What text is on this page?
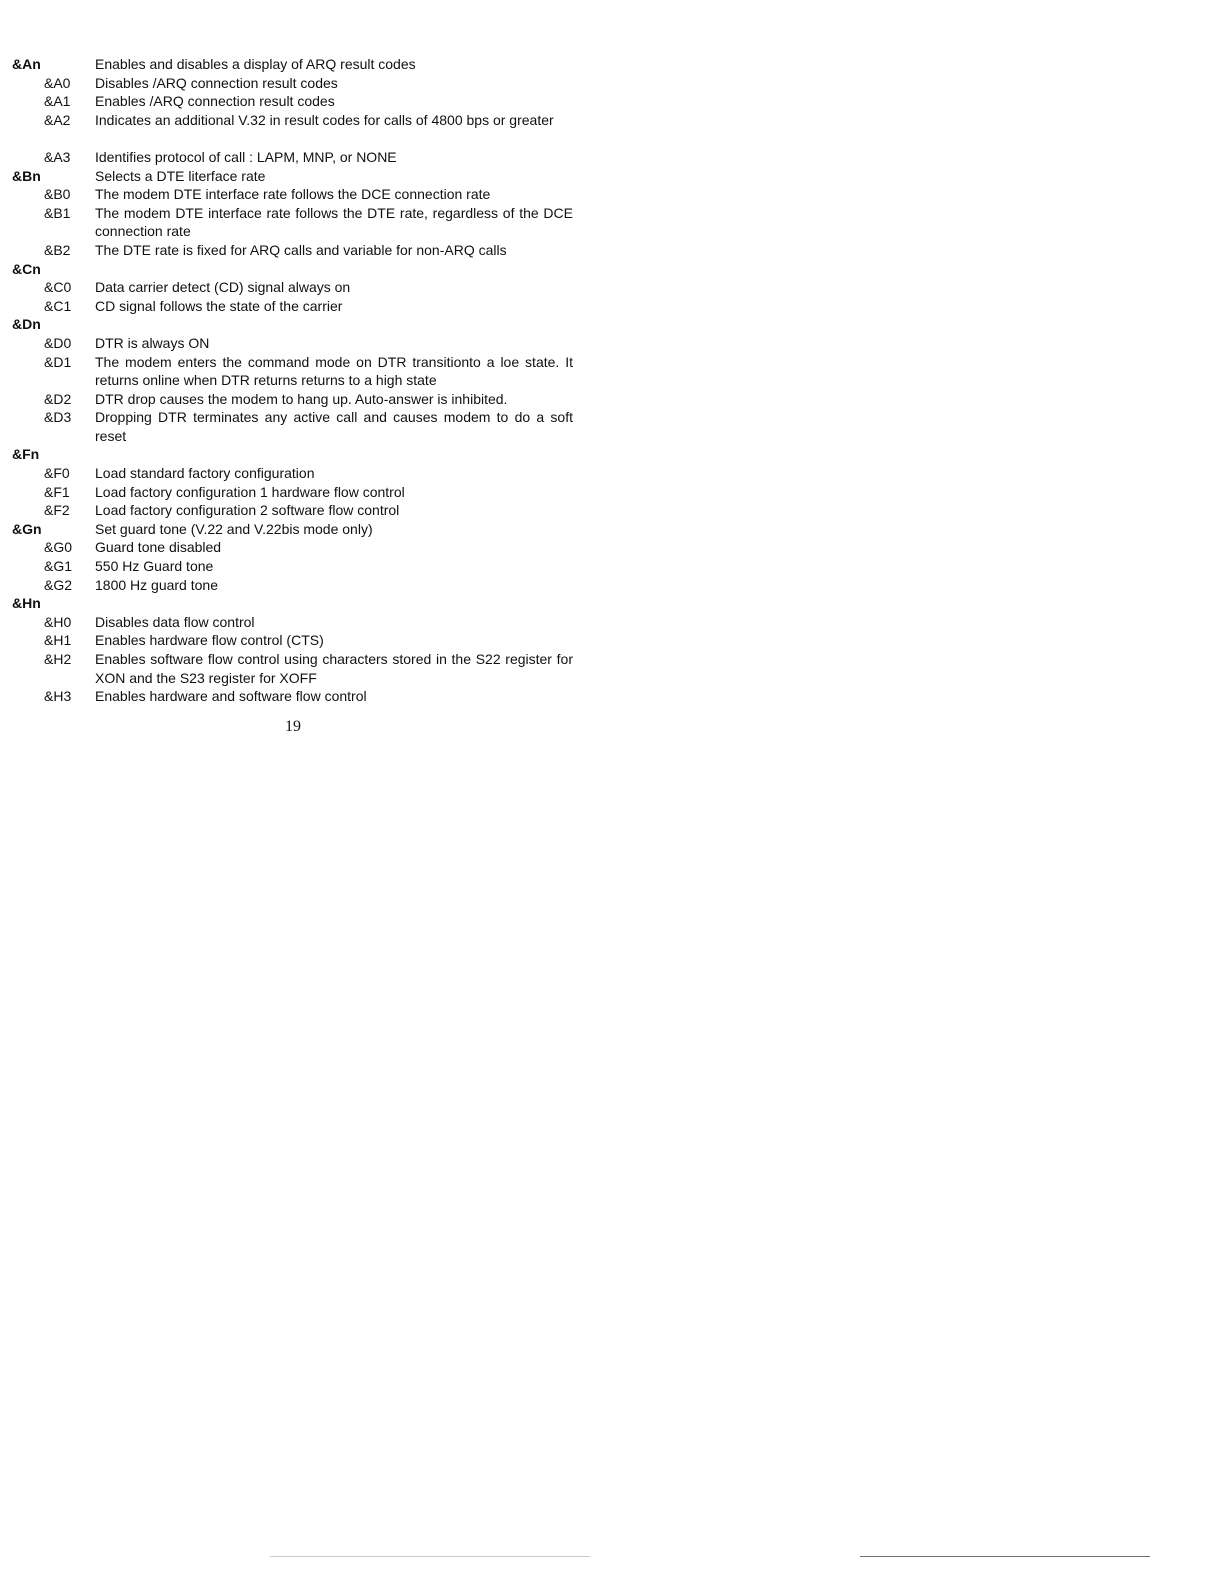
&An	Enables and disables a display of ARQ result codes
&A0 Disables /ARQ connection result codes
&A1 Enables /ARQ connection result codes
&A2 Indicates an additional V.32 in result codes for calls of 4800 bps or greater
&A3 Identifies protocol of call : LAPM, MNP, or NONE
&Bn	Selects a DTE literface rate
&B0 The modem DTE interface rate follows the DCE connection rate
&B1 The modem DTE interface rate follows the DTE rate, regardless of the DCE connection rate
&B2 The DTE rate is fixed for ARQ calls and variable for non-ARQ calls
&Cn
&C0 Data carrier detect (CD) signal always on
&C1 CD signal follows the state of the carrier
&Dn
&D0 DTR is always ON
&D1 The modem enters the command mode on DTR transitionto a loe state. It returns online when DTR returns returns to a high state
&D2 DTR drop causes the modem to hang up. Auto-answer is inhibited.
&D3 Dropping DTR terminates any active call and causes modem to do a soft reset
&Fn
&F0 Load standard factory configuration
&F1 Load factory configuration 1 hardware flow control
&F2 Load factory configuration 2 software flow control
&Gn	Set guard tone (V.22 and V.22bis mode only)
&G0 Guard tone disabled
&G1 550 Hz Guard tone
&G2 1800 Hz guard tone
&Hn
&H0 Disables data flow control
&H1 Enables hardware flow control (CTS)
&H2 Enables software flow control using characters stored in the S22 register for XON and the S23 register for XOFF
&H3 Enables hardware and software flow control
19
